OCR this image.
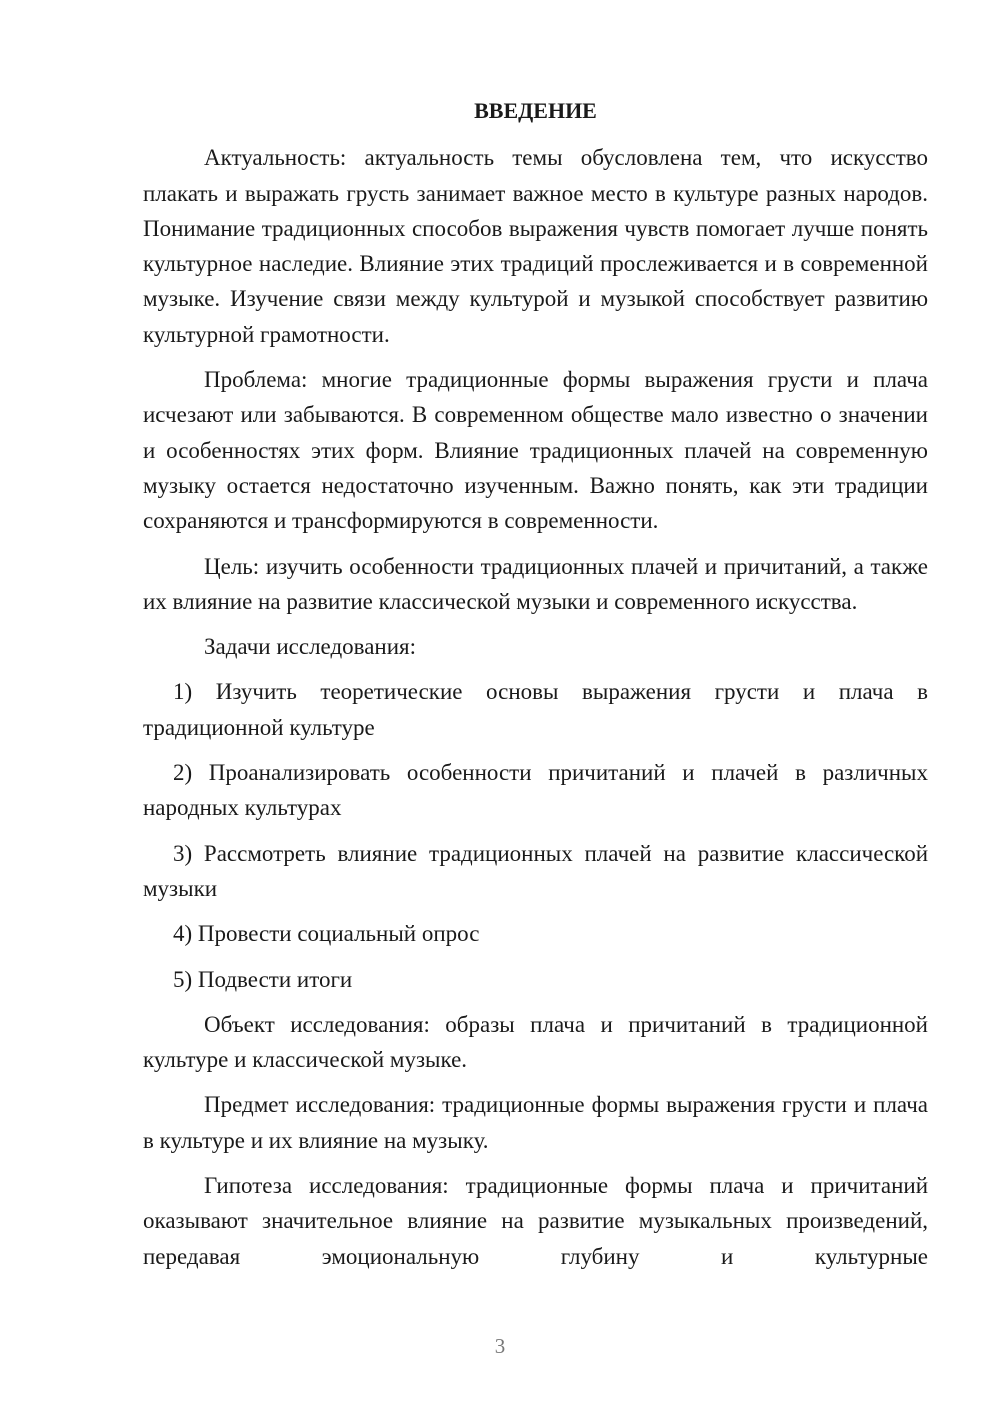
ВВЕДЕНИЕ

Актуальность: актуальность темы обусловлена тем, что искусство плакать и выражать грусть занимает важное место в культуре разных народов. Понимание традиционных способов выражения чувств помогает лучше понять культурное наследие. Влияние этих традиций прослеживается и в современной музыке. Изучение связи между культурой и музыкой способствует развитию культурной грамотности.

Проблема: многие традиционные формы выражения грусти и плача исчезают или забываются. В современном обществе мало известно о значении и особенностях этих форм. Влияние традиционных плачей на современную музыку остается недостаточно изученным. Важно понять, как эти традиции сохраняются и трансформируются в современности.

Цель: изучить особенности традиционных плачей и причитаний, а также их влияние на развитие классической музыки и современного искусства.

Задачи исследования:

1) Изучить теоретические основы выражения грусти и плача в традиционной культуре

2) Проанализировать особенности причитаний и плачей в различных народных культурах

3) Рассмотреть влияние традиционных плачей на развитие классической музыки

4) Провести социальный опрос

5) Подвести итоги

Объект исследования: образы плача и причитаний в традиционной культуре и классической музыке.

Предмет исследования: традиционные формы выражения грусти и плача в культуре и их влияние на музыку.

Гипотеза исследования: традиционные формы плача и причитаний оказывают значительное влияние на развитие музыкальных произведений, передавая эмоциональную глубину и культурные

3
